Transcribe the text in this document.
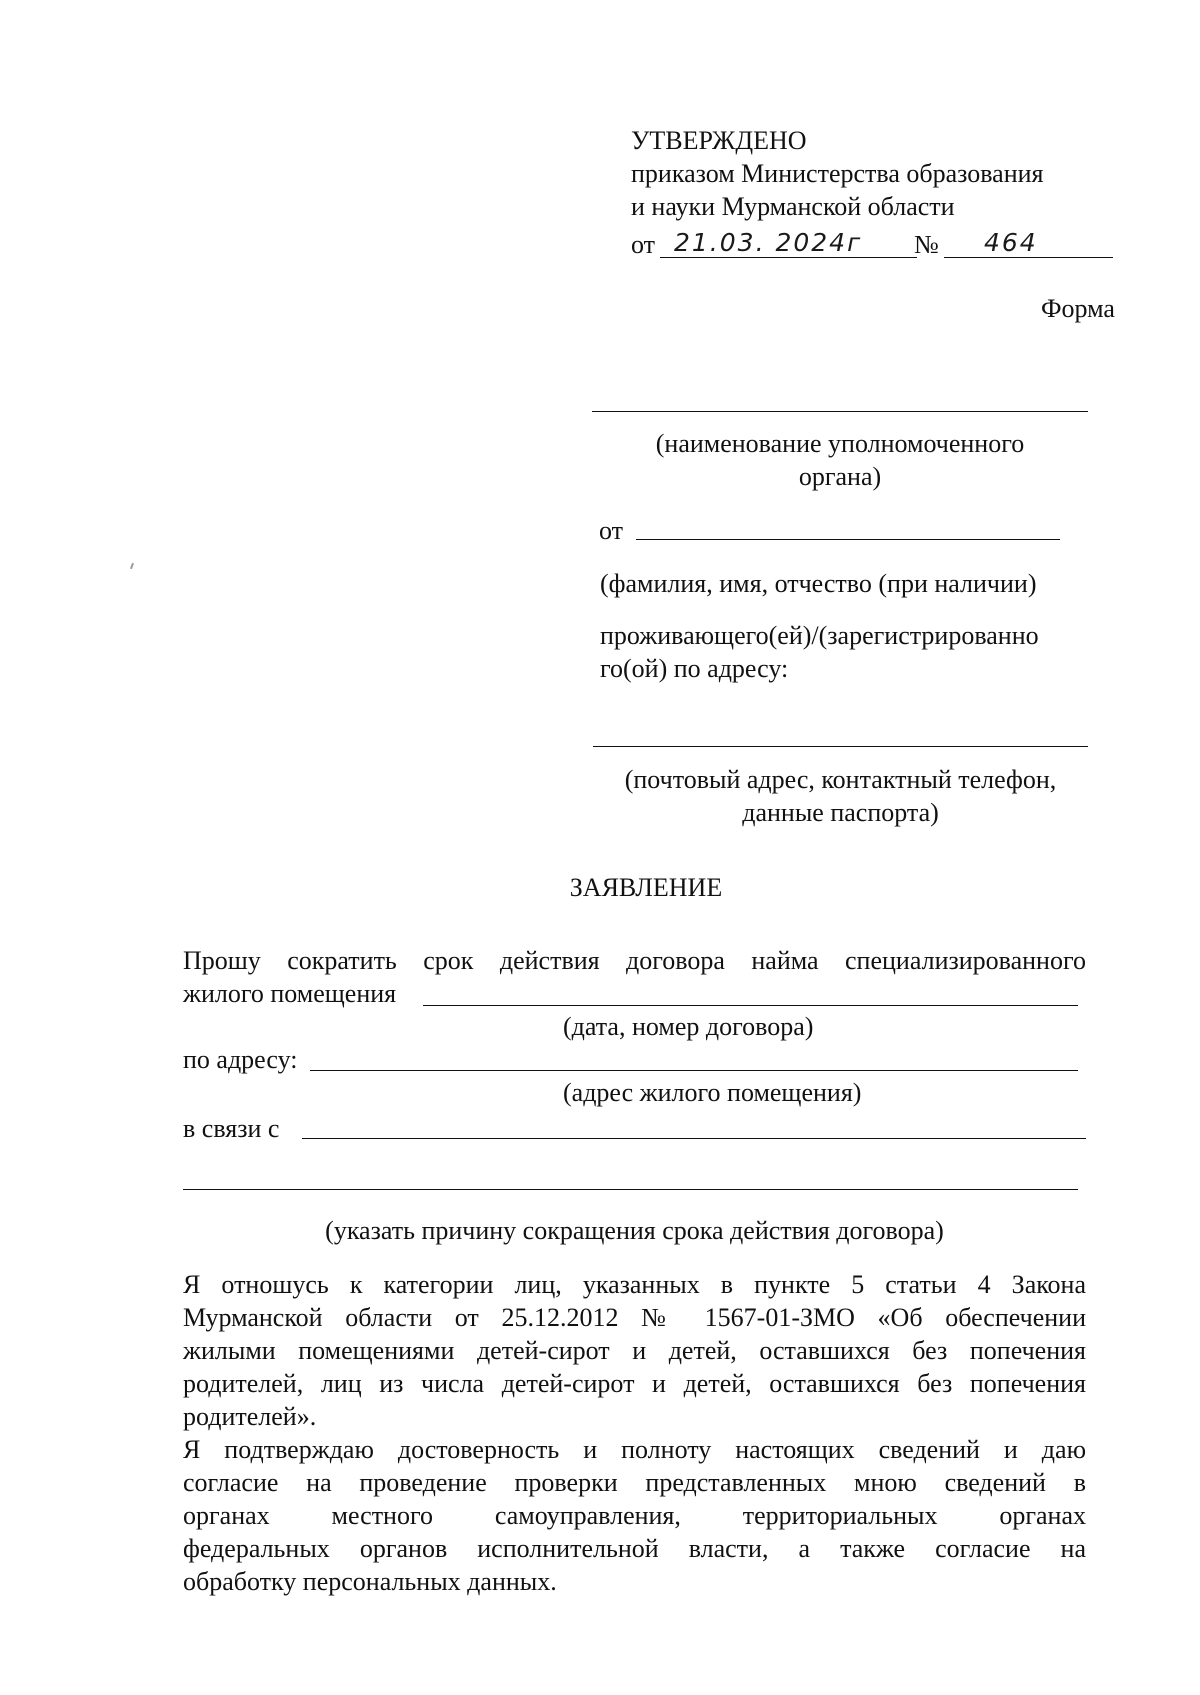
УТВЕРЖДЕНО
приказом Министерства образования
и науки Мурманской области
от 21.03. 2024г № 464
Форма
(наименование уполномоченного
органа)
от
(фамилия, имя, отчество (при наличии)
проживающего(ей)/(зарегистрированно
го(ой) по адресу:
(почтовый адрес, контактный телефон,
данные паспорта)
ЗАЯВЛЕНИЕ
Прошу сократить срок действия договора найма специализированного
жилого помещения
(дата, номер договора)
по адресу:
(адрес жилого помещения)
в связи с
(указать причину сокращения срока действия договора)
Я отношусь к категории лиц, указанных в пункте 5 статьи 4 Закона
Мурманской области от 25.12.2012 № 1567-01-ЗМО «Об обеспечении
жилыми помещениями детей-сирот и детей, оставшихся без попечения
родителей, лиц из числа детей-сирот и детей, оставшихся без попечения
родителей».
Я подтверждаю достоверность и полноту настоящих сведений и даю
согласие на проведение проверки представленных мною сведений в
органах местного самоуправления, территориальных органах
федеральных органов исполнительной власти, а также согласие на
обработку персональных данных.
